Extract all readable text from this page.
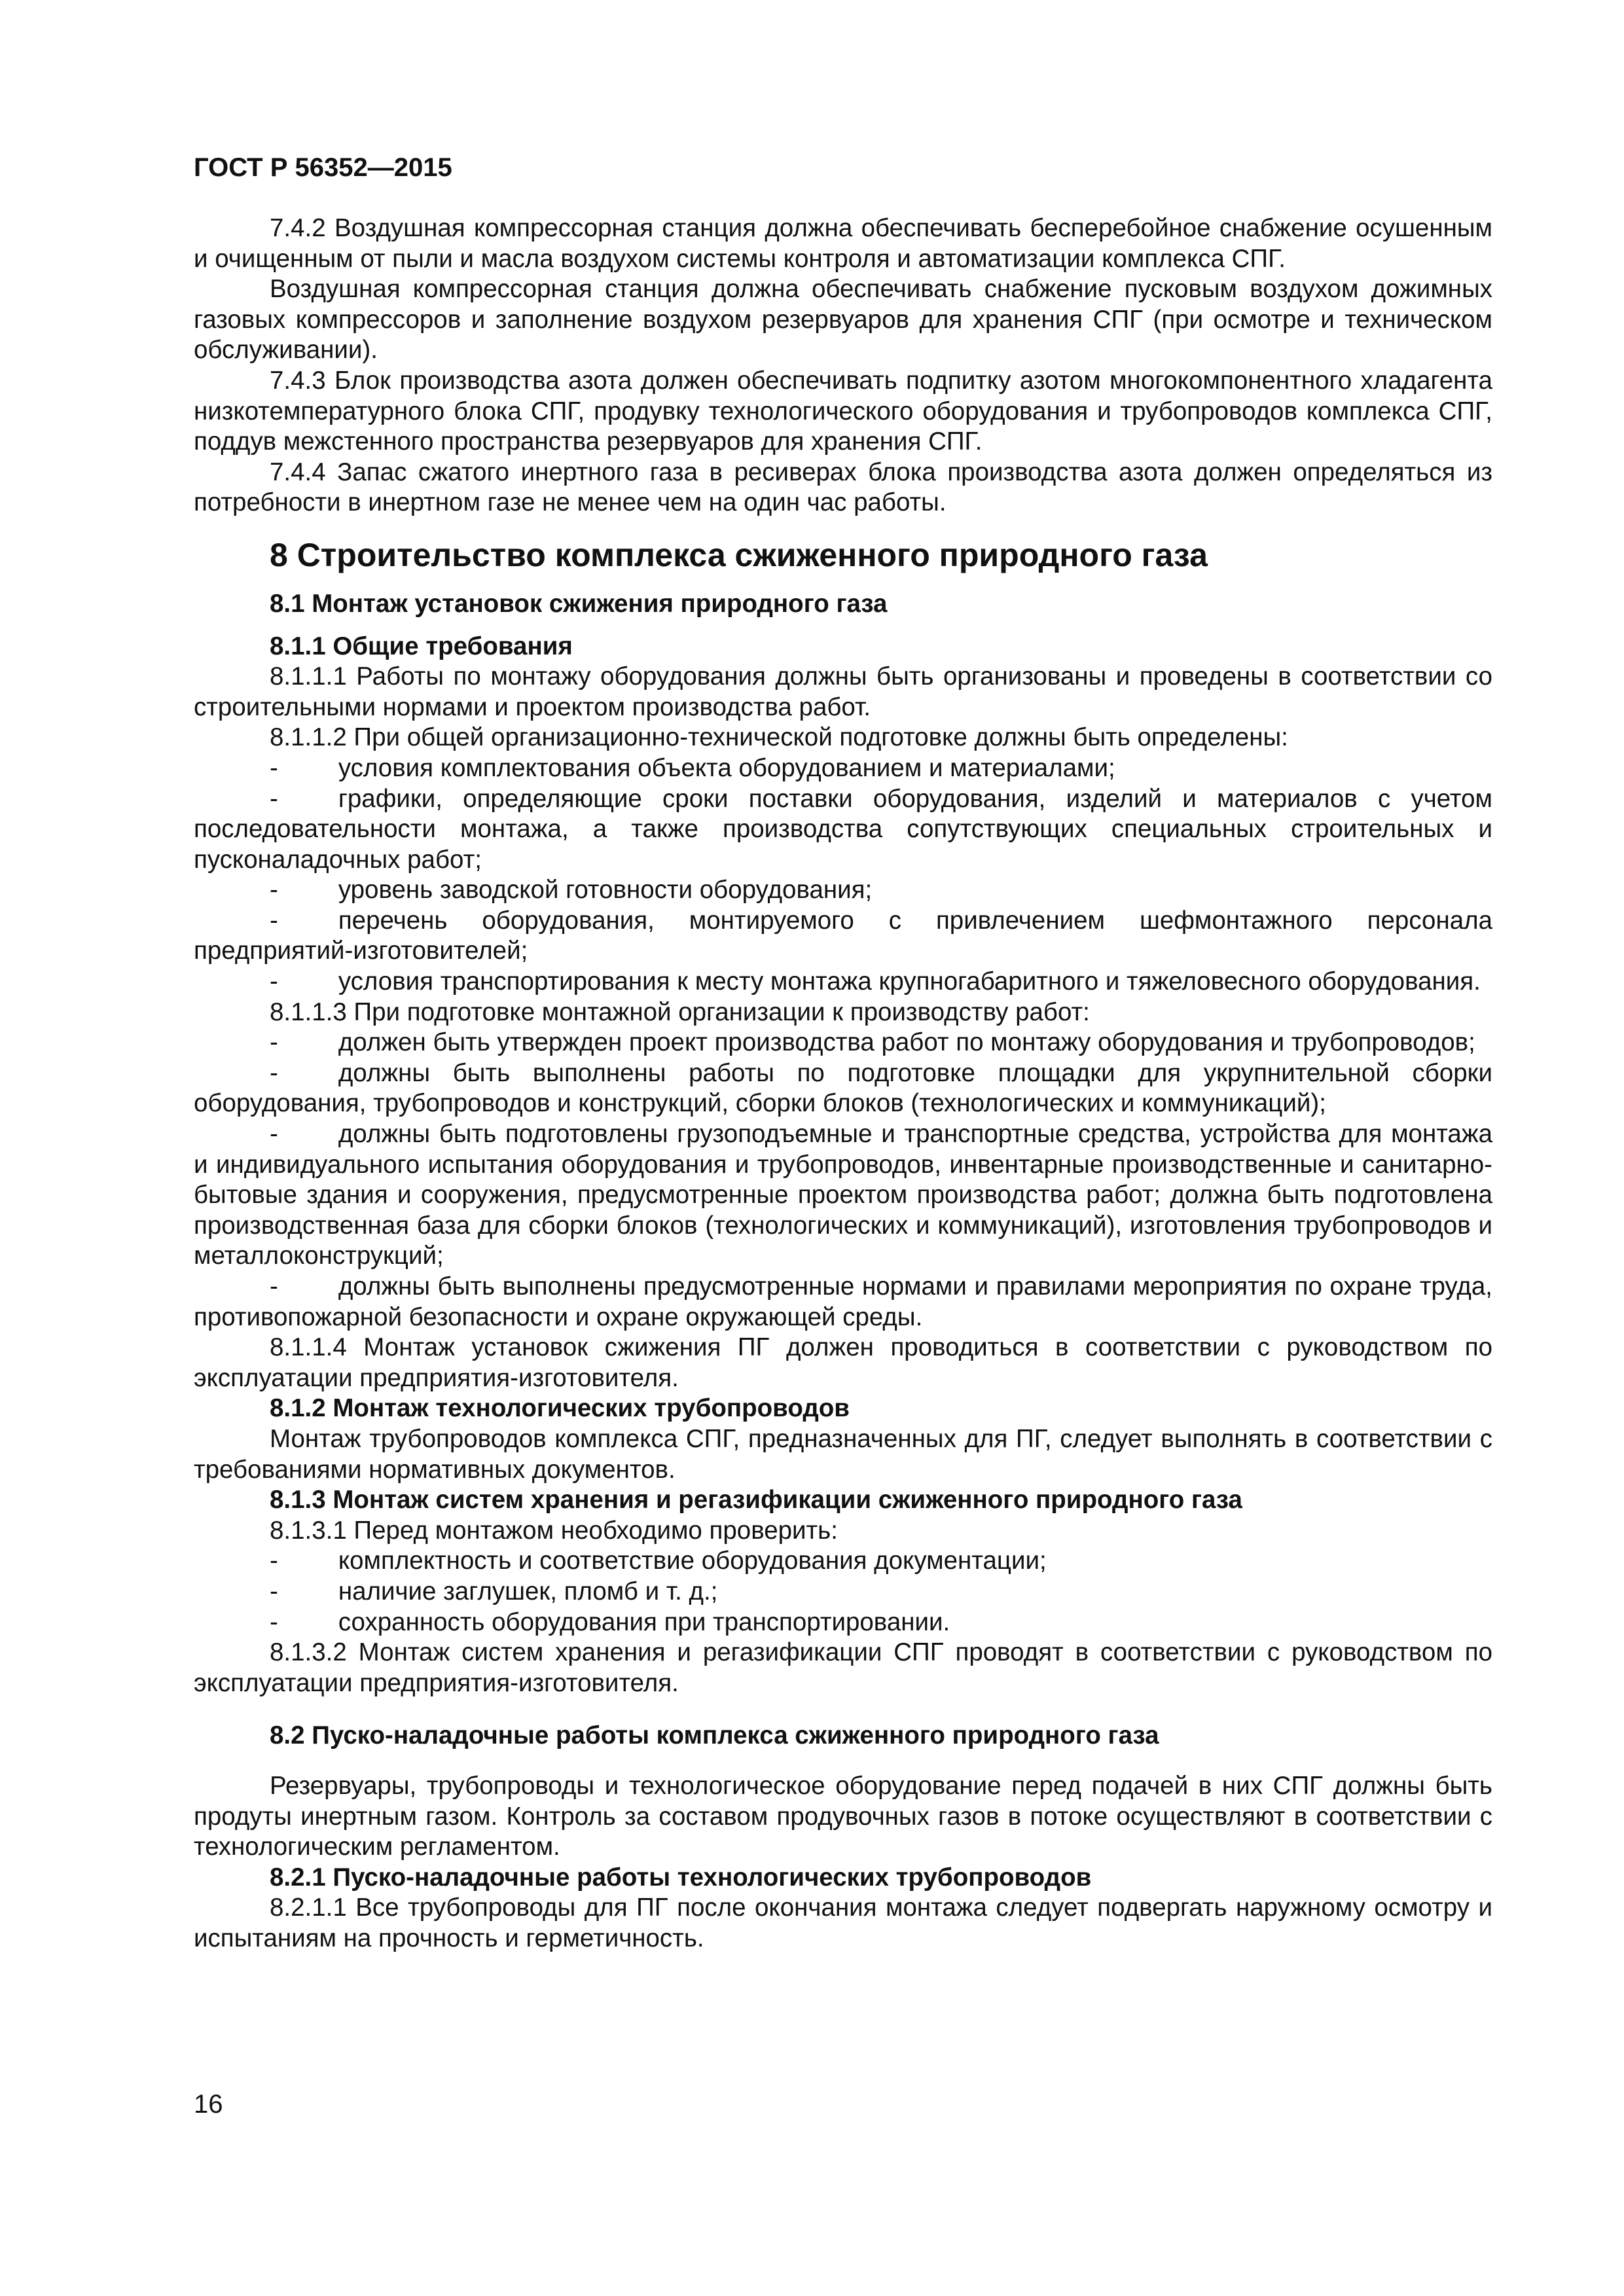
ГОСТ Р 56352—2015

7.4.2 Воздушная компрессорная станция должна обеспечивать бесперебойное снабжение осушенным и очищенным от пыли и масла воздухом системы контроля и автоматизации комплекса СПГ.

Воздушная компрессорная станция должна обеспечивать снабжение пусковым воздухом дожимных газовых компрессоров и заполнение воздухом резервуаров для хранения СПГ (при осмотре и техническом обслуживании).

7.4.3 Блок производства азота должен обеспечивать подпитку азотом многокомпонентного хладагента низкотемпературного блока СПГ, продувку технологического оборудования и трубопроводов комплекса СПГ, поддув межстенного пространства резервуаров для хранения СПГ.

7.4.4 Запас сжатого инертного газа в ресиверах блока производства азота должен определяться из потребности в инертном газе не менее чем на один час работы.

8 Строительство комплекса сжиженного природного газа

8.1 Монтаж установок сжижения природного газа

8.1.1 Общие требования

8.1.1.1 Работы по монтажу оборудования должны быть организованы и проведены в соответствии со строительными нормами и проектом производства работ.

8.1.1.2 При общей организационно-технической подготовке должны быть определены:

- условия комплектования объекта оборудованием и материалами;

- графики, определяющие сроки поставки оборудования, изделий и материалов с учетом последовательности монтажа, а также производства сопутствующих специальных строительных и пусконаладочных работ;

- уровень заводской готовности оборудования;

- перечень оборудования, монтируемого с привлечением шефмонтажного персонала предприятий-изготовителей;

- условия транспортирования к месту монтажа крупногабаритного и тяжеловесного оборудования.

8.1.1.3 При подготовке монтажной организации к производству работ:

- должен быть утвержден проект производства работ по монтажу оборудования и трубопроводов;

- должны быть выполнены работы по подготовке площадки для укрупнительной сборки оборудования, трубопроводов и конструкций, сборки блоков (технологических и коммуникаций);

- должны быть подготовлены грузоподъемные и транспортные средства, устройства для монтажа и индивидуального испытания оборудования и трубопроводов, инвентарные производственные и санитарно-бытовые здания и сооружения, предусмотренные проектом производства работ; должна быть подготовлена производственная база для сборки блоков (технологических и коммуникаций), изготовления трубопроводов и металлоконструкций;

- должны быть выполнены предусмотренные нормами и правилами мероприятия по охране труда, противопожарной безопасности и охране окружающей среды.

8.1.1.4 Монтаж установок сжижения ПГ должен проводиться в соответствии с руководством по эксплуатации предприятия-изготовителя.

8.1.2 Монтаж технологических трубопроводов

Монтаж трубопроводов комплекса СПГ, предназначенных для ПГ, следует выполнять в соответствии с требованиями нормативных документов.

8.1.3 Монтаж систем хранения и регазификации сжиженного природного газа

8.1.3.1 Перед монтажом необходимо проверить:

- комплектность и соответствие оборудования документации;

- наличие заглушек, пломб и т. д.;

- сохранность оборудования при транспортировании.

8.1.3.2 Монтаж систем хранения и регазификации СПГ проводят в соответствии с руководством по эксплуатации предприятия-изготовителя.

8.2 Пуско-наладочные работы комплекса сжиженного природного газа

Резервуары, трубопроводы и технологическое оборудование перед подачей в них СПГ должны быть продуты инертным газом. Контроль за составом продувочных газов в потоке осуществляют в соответствии с технологическим регламентом.

8.2.1 Пуско-наладочные работы технологических трубопроводов

8.2.1.1 Все трубопроводы для ПГ после окончания монтажа следует подвергать наружному осмотру и испытаниям на прочность и герметичность.

16
